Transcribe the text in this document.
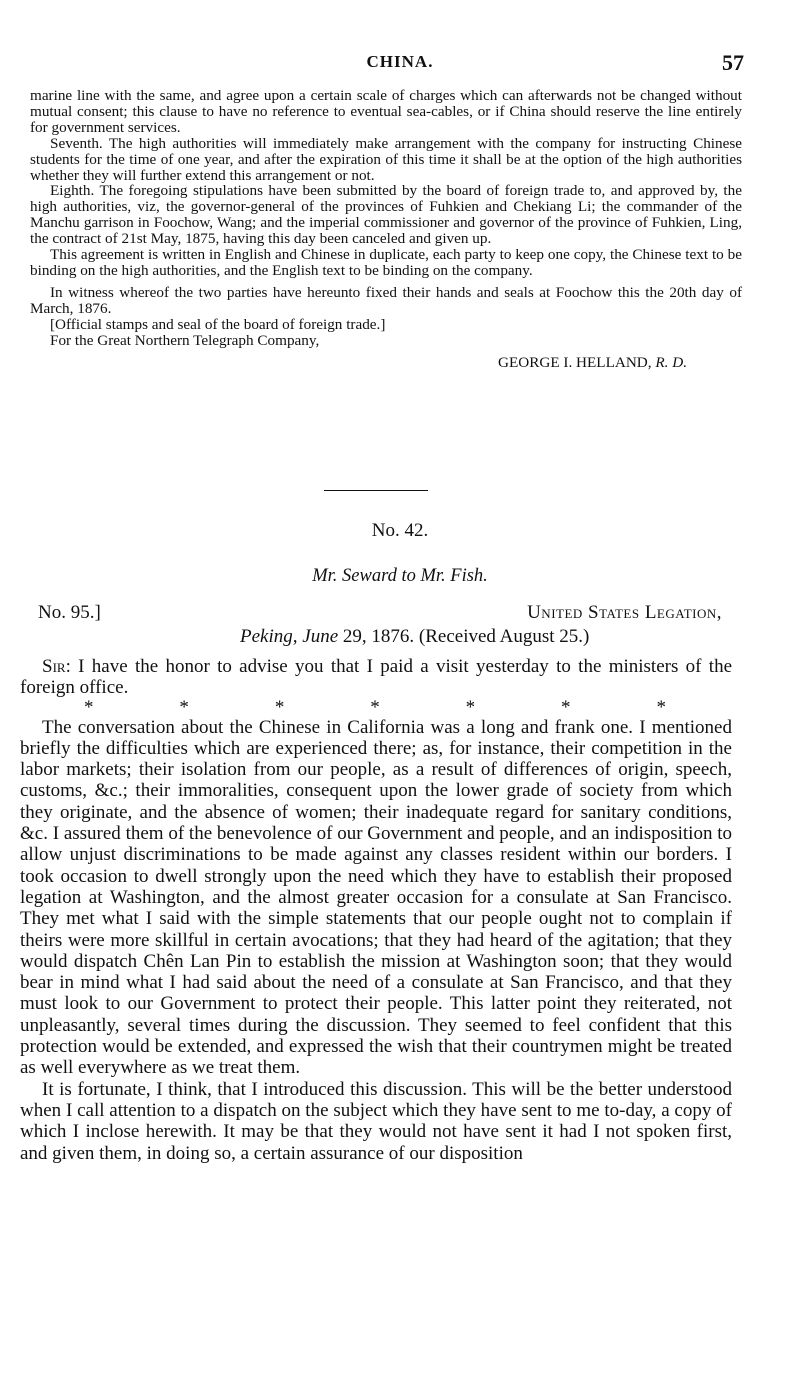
CHINA.	57

marine line with the same, and agree upon a certain scale of charges which can afterwards not be changed without mutual consent; this clause to have no reference to eventual sea-cables, or if China should reserve the line entirely for government services.

Seventh. The high authorities will immediately make arrangement with the company for instructing Chinese students for the time of one year, and after the expiration of this time it shall be at the option of the high authorities whether they will further extend this arrangement or not.

Eighth. The foregoing stipulations have been submitted by the board of foreign trade to, and approved by, the high authorities, viz, the governor-general of the provinces of Fuhkien and Chekiang Li; the commander of the Manchu garrison in Foochow, Wang; and the imperial commissioner and governor of the province of Fuhkien, Ling, the contract of 21st May, 1875, having this day been canceled and given up.

This agreement is written in English and Chinese in duplicate, each party to keep one copy, the Chinese text to be binding on the high authorities, and the English text to be binding on the company.

In witness whereof the two parties have hereunto fixed their hands and seals at Foochow this the 20th day of March, 1876.

[Official stamps and seal of the board of foreign trade.]

For the Great Northern Telegraph Company,

GEORGE I. HELLAND, R. D.

No. 42.
Mr. Seward to Mr. Fish.
No. 95.]	United States Legation,
Peking, June 29, 1876. (Received August 25.)

Sir: I have the honor to advise you that I paid a visit yesterday to the ministers of the foreign office.

*	*	*	*	*	*	*

The conversation about the Chinese in California was a long and frank one. I mentioned briefly the difficulties which are experienced there; as, for instance, their competition in the labor markets; their isolation from our people, as a result of differences of origin, speech, customs, &c.; their immoralities, consequent upon the lower grade of society from which they originate, and the absence of women; their inadequate regard for sanitary conditions, &c. I assured them of the benevolence of our Government and people, and an indisposition to allow unjust discriminations to be made against any classes resident within our borders. I took occasion to dwell strongly upon the need which they have to establish their proposed legation at Washington, and the almost greater occasion for a consulate at San Francisco. They met what I said with the simple statements that our people ought not to complain if theirs were more skillful in certain avocations; that they had heard of the agitation; that they would dispatch Chên Lan Pin to establish the mission at Washington soon; that they would bear in mind what I had said about the need of a consulate at San Francisco, and that they must look to our Government to protect their people. This latter point they reiterated, not unpleasantly, several times during the discussion. They seemed to feel confident that this protection would be extended, and expressed the wish that their countrymen might be treated as well everywhere as we treat them.

It is fortunate, I think, that I introduced this discussion. This will be the better understood when I call attention to a dispatch on the subject which they have sent to me to-day, a copy of which I inclose herewith. It may be that they would not have sent it had I not spoken first, and given them, in doing so, a certain assurance of our disposition
